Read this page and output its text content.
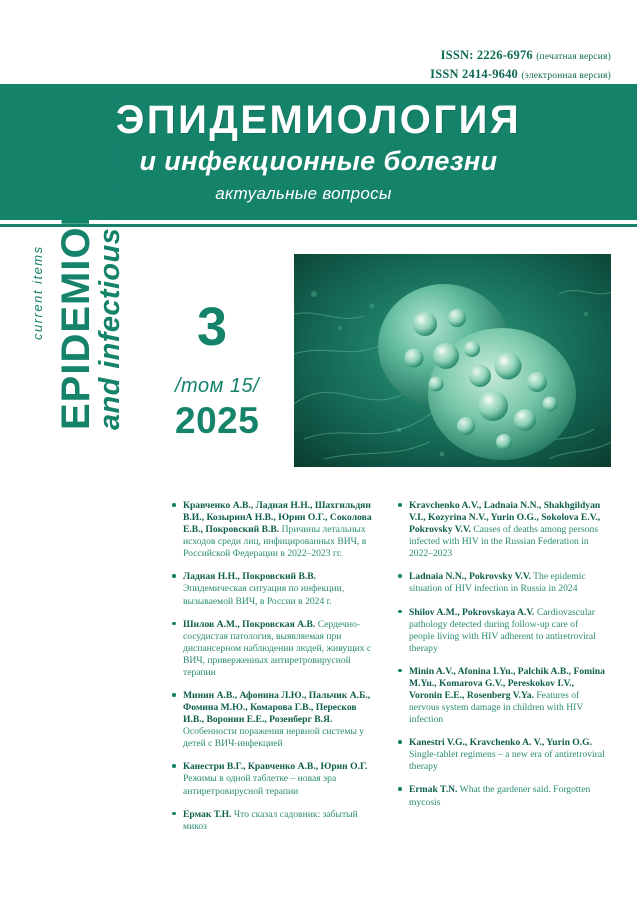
ISSN: 2226-6976 (печатная версия)
ISSN 2414-9640 (электронная версия)
ЭПИДЕМИОЛОГИЯ
и инфекционные болезни
актуальные вопросы
EPIDEMIOLOGY
and infectious diseases
current items	3
/том 15/
2025
Кравченко А.В., Ладная Н.Н., Шахгильдян В.И., КозыринА Н.В., Юрин О.Г., Соколова Е.В., Покровский В.В. Причины летальных исходов среди лиц, инфицированных ВИЧ, в Российской Федерации в 2022–2023 гг.
Ладная Н.Н., Покровский В.В. Эпидемическая ситуация по инфекции, вызываемой ВИЧ, в России в 2024 г.
Шилов А.М., Покровская А.В. Сердечно-сосудистая патология, выявляемая при диспансерном наблюдении людей, живущих с ВИЧ, приверженных антиретровирусной терапии
Минин А.В., Афонина Л.Ю., Пальчик А.Б., Фомина М.Ю., Комарова Г.В., Пересков И.В., Воронин Е.Е., Розенберг В.Я. Особенности поражения нервной системы у детей с ВИЧ-инфекцией
Канестри В.Г., Кравченко А.В., Юрин О.Г. Режимы в одной таблетке – новая эра антиретровирусной терапии
Ермак Т.Н. Что сказал садовник: забытый микоз
Kravchenko A.V., Ladnaia N.N., Shakhgildyan V.I., Kozyrina N.V., Yurin O.G., Sokolova E.V., Pokrovsky V.V. Causes of deaths among persons infected with HIV in the Russian Federation in 2022–2023
Ladnaia N.N., Pokrovsky V.V. The epidemic situation of HIV infection in Russia in 2024
Shilov A.M., Pokrovskaya A.V. Cardiovascular pathology detected during follow-up care of people living with HIV adherent to antiretroviral therapy
Minin A.V., Afonina I.Yu., Palchik A.B., Fomina M.Yu., Komarova G.V., Pereskokov I.V., Voronin E.E., Rosenberg V.Ya. Features of nervous system damage in children with HIV infection
Kanestri V.G., Kravchenko A. V., Yurin O.G. Single-tablet regimens – a new era of antiretroviral therapy
Ermak T.N. What the gardener said. Forgotten mycosis
